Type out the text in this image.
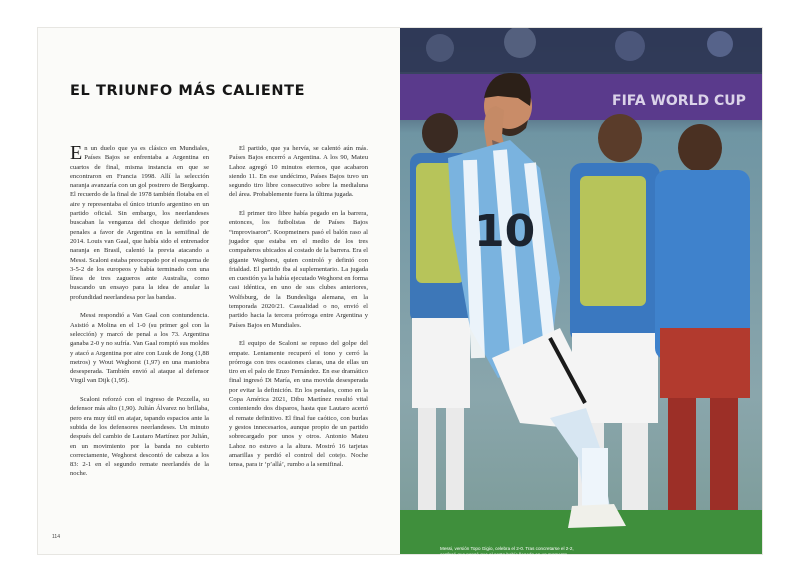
EL TRIUNFO MÁS CALIENTE

En un duelo que ya es clásico en Mundiales, Países Bajos se enfrentaba a Argentina en cuartos de final, misma instancia en que se encontraron en Francia 1998. Allí la selección naranja avanzaría con un gol postrero de Bergkamp. El recuerdo de la final de 1978 también flotaba en el aire y representaba el único triunfo argentino en un partido oficial. Sin embargo, los neerlandeses buscaban la venganza del choque definido por penales a favor de Argentina en la semifinal de 2014. Louis van Gaal, que había sido el entrenador naranja en Brasil, calentó la previa atacando a Messi. Scaloni estaba preocupado por el esquema de 3-5-2 de los europeos y había terminado con una línea de tres zagueros ante Australia, como buscando un ensayo para la idea de anular la profundidad neerlandesa por las bandas.

Messi respondió a Van Gaal con contundencia. Asistió a Molina en el 1-0 (su primer gol con la selección) y marcó de penal a los 73. Argentina ganaba 2-0 y no sufría. Van Gaal rompió sus moldes y atacó a Argentina por aire con Luuk de Jong (1,88 metros) y Wout Weghorst (1,97) en una maniobra desesperada. También envió al ataque al defensor Virgil van Dijk (1,95).

Scaloni reforzó con el ingreso de Pezzella, su defensor más alto (1,90). Julián Álvarez no brillaba, pero era muy útil en atajar, tapando espacios ante la subida de los defensores neerlandeses. Un minuto después del cambio de Lautaro Martínez por Julián, en un movimiento por la banda no cubierto correctamente, Weghorst descontó de cabeza a los 83: 2-1 en el segundo remate neerlandés de la noche.

El partido, que ya hervía, se calentó aún más. Países Bajos encerró a Argentina. A los 90, Mateu Lahoz agregó 10 minutos eternos, que acabaron siendo 11. En ese undécimo, Países Bajos tuvo un segundo tiro libre consecutivo sobre la medialuna del área. Probablemente fuera la última jugada.

El primer tiro libre había pegado en la barrera, entonces, los futbolistas de Países Bajos “improvisaron”. Koopmeiners pasó el balón raso al jugador que estaba en el medio de los tres compañeros ubicados al costado de la barrera. Era el gigante Weghorst, quien controló y definió con frialdad. El partido iba al suplementario. La jugada en cuestión ya la había ejecutado Weghorst en forma casi idéntica, en uno de sus clubes anteriores, Wolfsburg, de la Bundesliga alemana, en la temporada 2020/21. Casualidad o no, envió el partido hacia la tercera prórroga entre Argentina y Países Bajos en Mundiales.

El equipo de Scaloni se repuso del golpe del empate. Lentamente recuperó el tono y cerró la prórroga con tres ocasiones claras, una de ellas un tiro en el palo de Enzo Fernández. En ese dramático final ingresó Di María, en una movida desesperada por evitar la definición. En los penales, como en la Copa América 2021, Dibu Martínez resultó vital conteniendo dos disparos, hasta que Lautaro acertó el remate definitivo. El final fue caótico, con burlas y gestos innecesarios, aunque propio de un partido sobrecargado por unos y otros. Antonio Mateu Lahoz no estuvo a la altura. Mostró 16 tarjetas amarillas y perdió el control del cotejo. Noche tensa, para ir ‘p’allá’, rumbo a la semifinal.

114
FIFA WORLD CUP
10

Messi, versión Topo Gigio, celebra el 2-0. Tras concretarse el 2-2, confesó que pensó que el gesto había llegado en un momento inoportuno.
